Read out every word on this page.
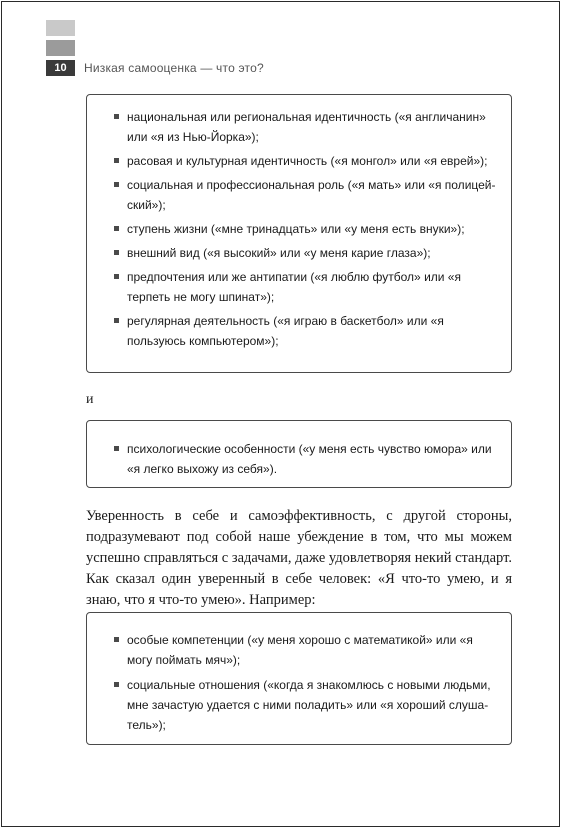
10	Низкая самооценка — что это?
национальная или региональная идентичность («я англичанин» или «я из Нью-Йорка»);
расовая и культурная идентичность («я монгол» или «я еврей»);
социальная и профессиональная роль («я мать» или «я полицей-ский»);
ступень жизни («мне тринадцать» или «у меня есть внуки»);
внешний вид («я высокий» или «у меня карие глаза»);
предпочтения или же антипатии («я люблю футбол» или «я терпеть не могу шпинат»);
регулярная деятельность («я играю в баскетбол» или «я пользуюсь компьютером»);
и
психологические особенности («у меня есть чувство юмора» или «я легко выхожу из себя»).

Уверенность в себе и самоэффективность, с другой стороны, подразумевают под собой наше убеждение в том, что мы можем успешно справляться с задачами, даже удовлетворяя некий стандарт. Как сказал один уверенный в себе человек: «Я что-то умею, и я знаю, что я что-то умею». Например:

особые компетенции («у меня хорошо с математикой» или «я могу поймать мяч»);
социальные отношения («когда я знакомлюсь с новыми людьми, мне зачастую удается с ними поладить» или «я хороший слуша-тель»);
